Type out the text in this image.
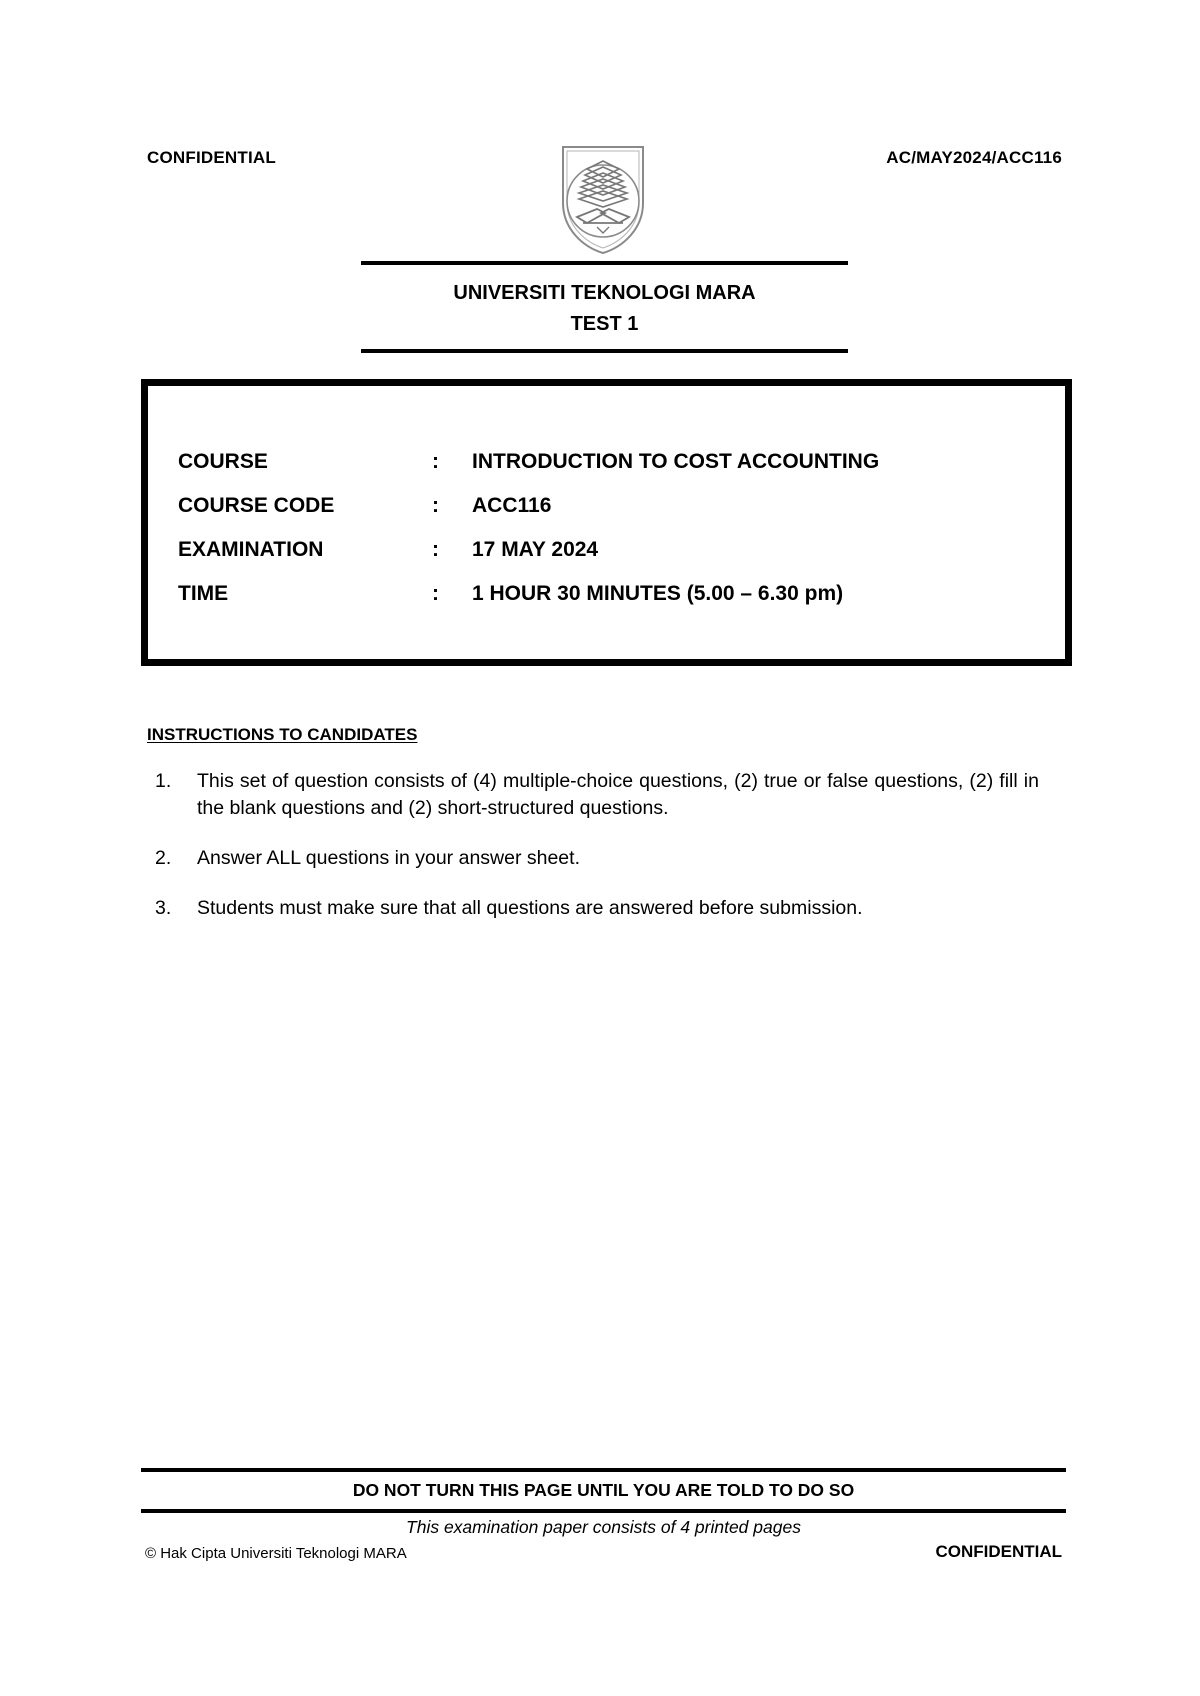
CONFIDENTIAL	AC/MAY2024/ACC116
UNIVERSITI TEKNOLOGI MARA
TEST 1
COURSE	: INTRODUCTION TO COST ACCOUNTING
COURSE CODE	: ACC116
EXAMINATION	: 17 MAY 2024
TIME	: 1 HOUR 30 MINUTES (5.00 – 6.30 pm)
INSTRUCTIONS TO CANDIDATES
1. This set of question consists of (4) multiple-choice questions, (2) true or false questions, (2) fill in the blank questions and (2) short-structured questions.
2. Answer ALL questions in your answer sheet.
3. Students must make sure that all questions are answered before submission.
DO NOT TURN THIS PAGE UNTIL YOU ARE TOLD TO DO SO
This examination paper consists of 4 printed pages
© Hak Cipta Universiti Teknologi MARA	CONFIDENTIAL
